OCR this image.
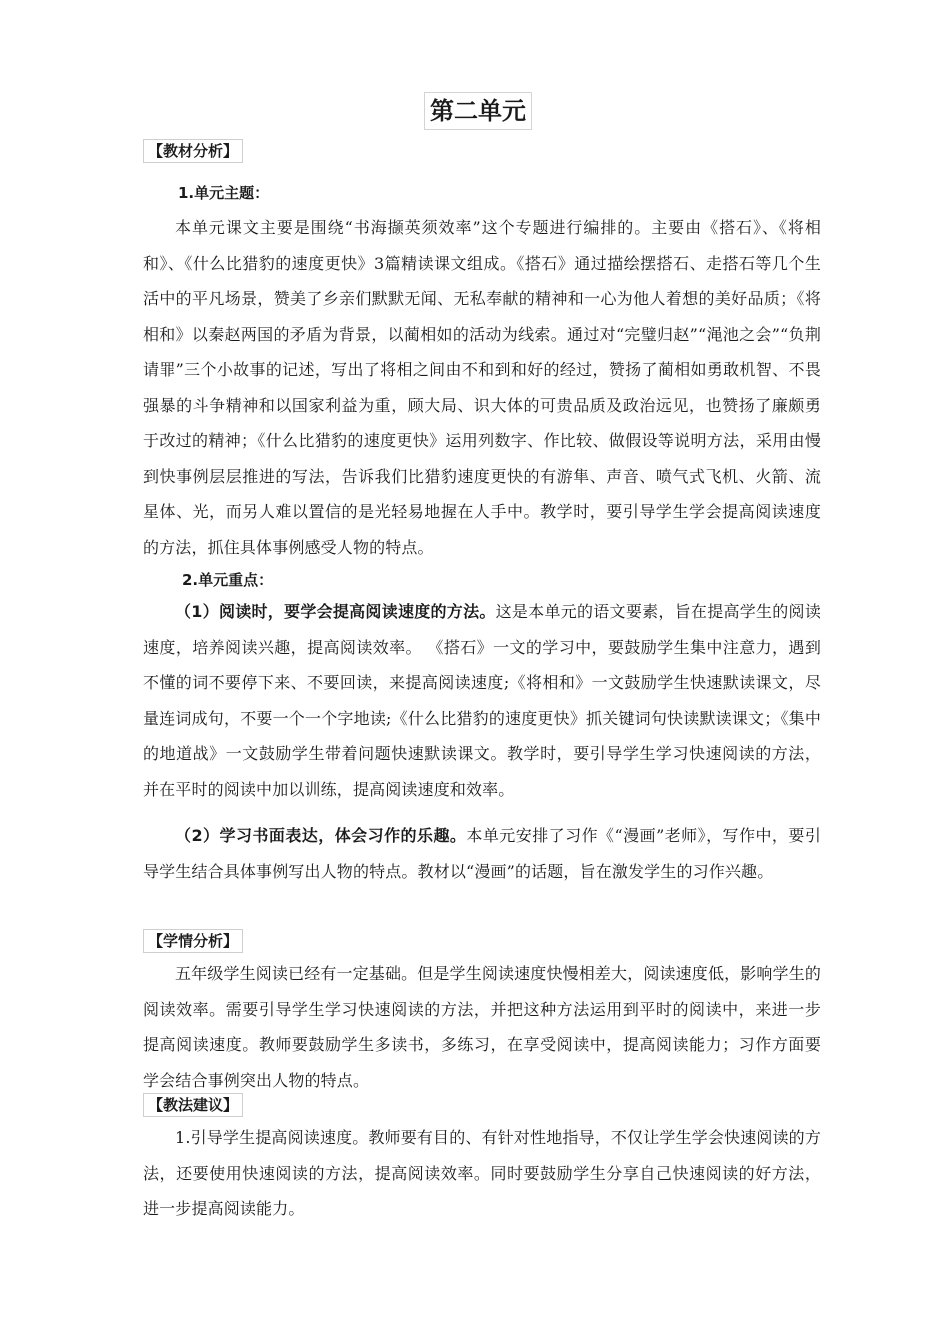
第二单元
【教材分析】
1.单元主题：

本单元课文主要是围绕“书海撷英须效率”这个专题进行编排的。主要由《搭石》、《将相和》、《什么比猎豹的速度更快》3篇精读课文组成。《搭石》通过描绘摆搭石、走搭石等几个生活中的平凡场景，赞美了乡亲们默默无闻、无私奉献的精神和一心为他人着想的美好品质；《将相和》以秦赵两国的矛盾为背景，以蔺相如的活动为线索。通过对“完璧归赵”“渑池之会”“负荆请罪”三个小故事的记述，写出了将相之间由不和到和好的经过，赞扬了蔺相如勇敢机智、不畏强暴的斗争精神和以国家利益为重，顾大局、识大体的可贵品质及政治远见，也赞扬了廉颇勇于改过的精神；《什么比猎豹的速度更快》运用列数字、作比较、做假设等说明方法，采用由慢到快事例层层推进的写法，告诉我们比猎豹速度更快的有游隼、声音、喷气式飞机、火箭、流星体、光，而另人难以置信的是光轻易地握在人手中。教学时，要引导学生学会提高阅读速度的方法，抓住具体事例感受人物的特点。

2.单元重点：

（1）阅读时，要学会提高阅读速度的方法。这是本单元的语文要素，旨在提高学生的阅读速度，培养阅读兴趣，提高阅读效率。 《搭石》一文的学习中，要鼓励学生集中注意力，遇到不懂的词不要停下来、不要回读，来提高阅读速度;《将相和》一文鼓励学生快速默读课文，尽量连词成句，不要一个一个字地读;《什么比猎豹的速度更快》抓关键词句快读默读课文；《集中的地道战》一文鼓励学生带着问题快速默读课文。教学时，要引导学生学习快速阅读的方法，并在平时的阅读中加以训练，提高阅读速度和效率。

（2）学习书面表达，体会习作的乐趣。本单元安排了习作《“漫画”老师》，写作中，要引导学生结合具体事例写出人物的特点。教材以“漫画”的话题，旨在激发学生的习作兴趣。

【学情分析】

五年级学生阅读已经有一定基础。但是学生阅读速度快慢相差大，阅读速度低，影响学生的阅读效率。需要引导学生学习快速阅读的方法，并把这种方法运用到平时的阅读中，来进一步提高阅读速度。教师要鼓励学生多读书，多练习，在享受阅读中，提高阅读能力；习作方面要学会结合事例突出人物的特点。

【教法建议】

1.引导学生提高阅读速度。教师要有目的、有针对性地指导，不仅让学生学会快速阅读的方法，还要使用快速阅读的方法，提高阅读效率。同时要鼓励学生分享自己快速阅读的好方法，进一步提高阅读能力。
